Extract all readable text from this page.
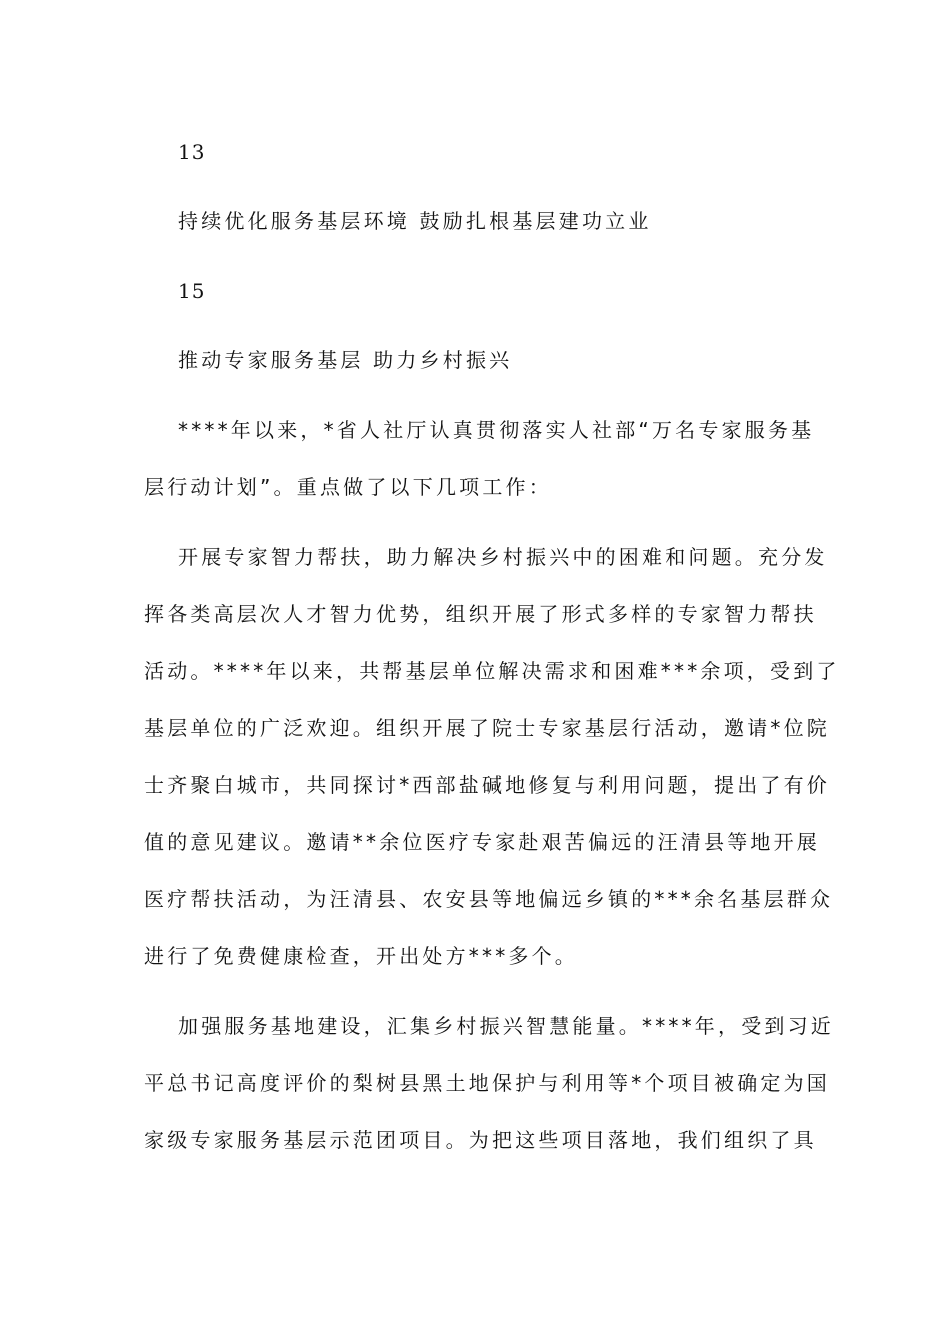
13
持续优化服务基层环境 鼓励扎根基层建功立业
15
推动专家服务基层 助力乡村振兴
****年以来，*省人社厅认真贯彻落实人社部“万名专家服务基
层行动计划”。重点做了以下几项工作：
开展专家智力帮扶，助力解决乡村振兴中的困难和问题。充分发
挥各类高层次人才智力优势，组织开展了形式多样的专家智力帮扶
活动。****年以来，共帮基层单位解决需求和困难***余项，受到了
基层单位的广泛欢迎。组织开展了院士专家基层行活动，邀请*位院
士齐聚白城市，共同探讨*西部盐碱地修复与利用问题，提出了有价
值的意见建议。邀请**余位医疗专家赴艰苦偏远的汪清县等地开展
医疗帮扶活动，为汪清县、农安县等地偏远乡镇的***余名基层群众
进行了免费健康检查，开出处方***多个。
加强服务基地建设，汇集乡村振兴智慧能量。****年，受到习近
平总书记高度评价的梨树县黑土地保护与利用等*个项目被确定为国
家级专家服务基层示范团项目。为把这些项目落地，我们组织了具
